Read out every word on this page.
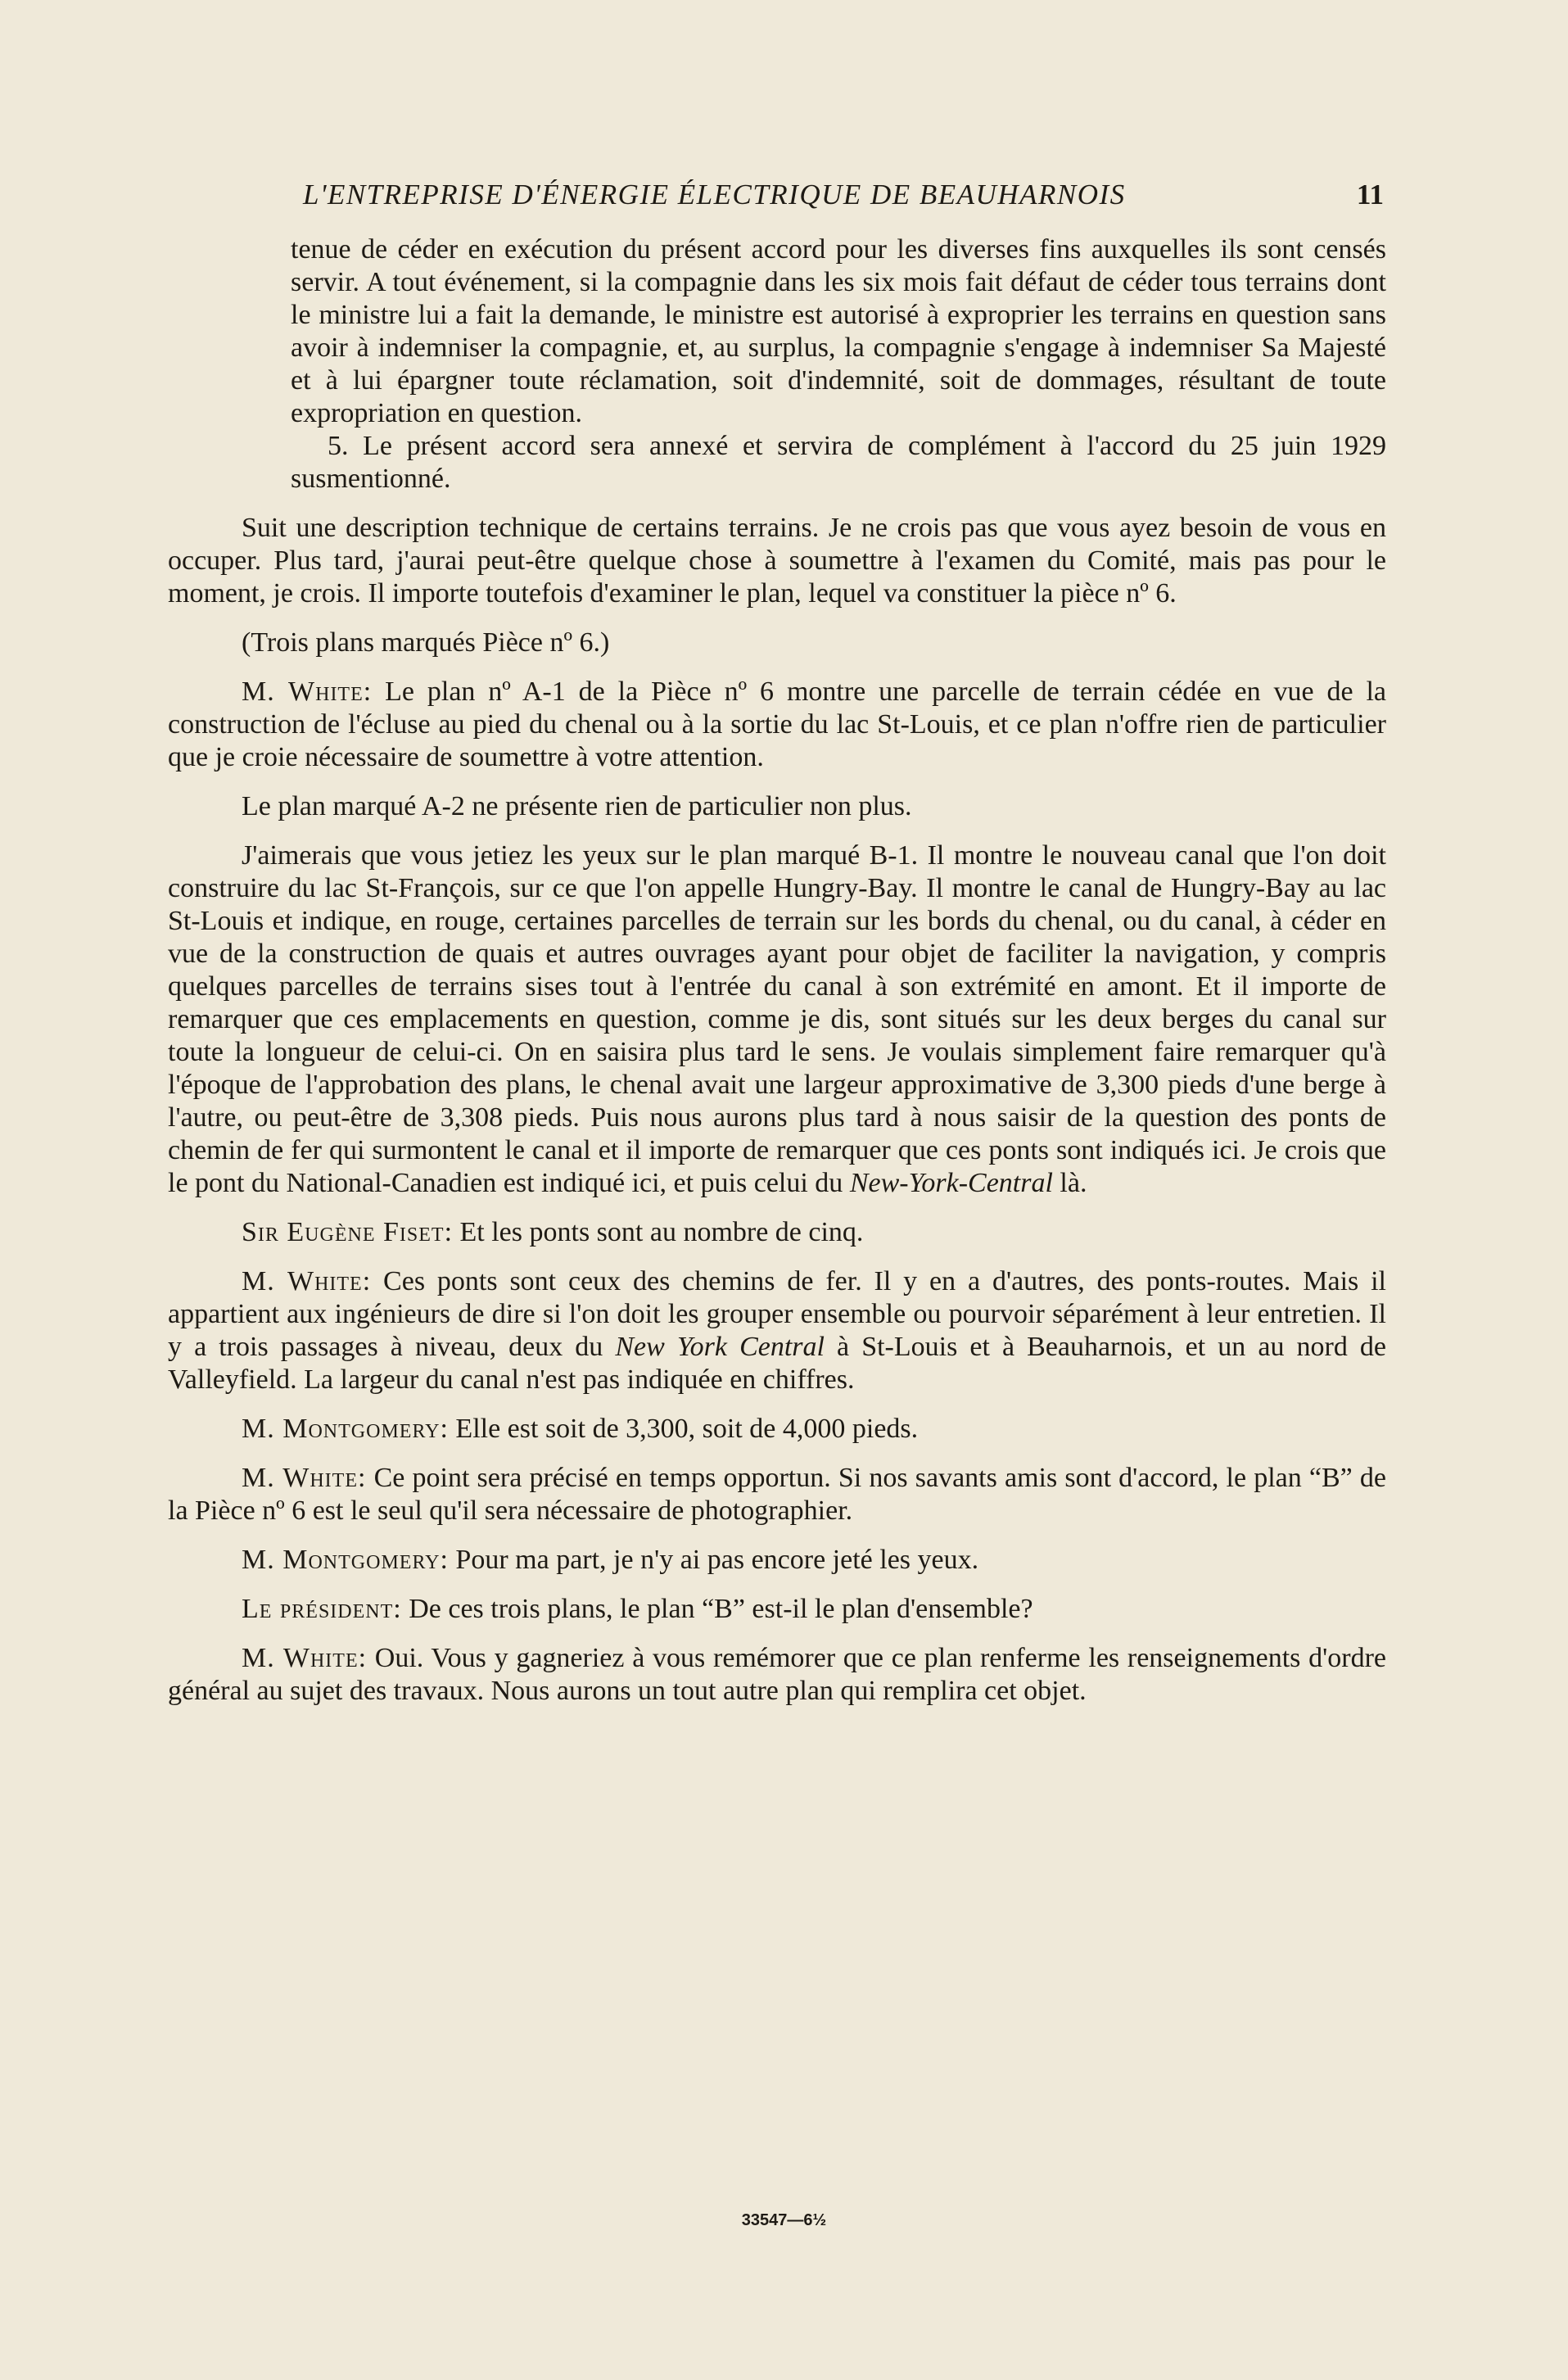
L'ENTREPRISE D'ÉNERGIE ÉLECTRIQUE DE BEAUHARNOIS	11

tenue de céder en exécution du présent accord pour les diverses fins auxquelles ils sont censés servir. A tout événement, si la compagnie dans les six mois fait défaut de céder tous terrains dont le ministre lui a fait la demande, le ministre est autorisé à exproprier les terrains en question sans avoir à indemniser la compagnie, et, au surplus, la compagnie s'engage à indemniser Sa Majesté et à lui épargner toute réclamation, soit d'indemnité, soit de dommages, résultant de toute expropriation en question.

5. Le présent accord sera annexé et servira de complément à l'accord du 25 juin 1929 susmentionné.

Suit une description technique de certains terrains. Je ne crois pas que vous ayez besoin de vous en occuper. Plus tard, j'aurai peut-être quelque chose à soumettre à l'examen du Comité, mais pas pour le moment, je crois. Il importe toutefois d'examiner le plan, lequel va constituer la pièce nº 6.

(Trois plans marqués Pièce nº 6.)

M. White: Le plan nº A-1 de la Pièce nº 6 montre une parcelle de terrain cédée en vue de la construction de l'écluse au pied du chenal ou à la sortie du lac St-Louis, et ce plan n'offre rien de particulier que je croie nécessaire de soumettre à votre attention.

Le plan marqué A-2 ne présente rien de particulier non plus.

J'aimerais que vous jetiez les yeux sur le plan marqué B-1. Il montre le nouveau canal que l'on doit construire du lac St-François, sur ce que l'on appelle Hungry-Bay. Il montre le canal de Hungry-Bay au lac St-Louis et indique, en rouge, certaines parcelles de terrain sur les bords du chenal, ou du canal, à céder en vue de la construction de quais et autres ouvrages ayant pour objet de faciliter la navigation, y compris quelques parcelles de terrains sises tout à l'entrée du canal à son extrémité en amont. Et il importe de remarquer que ces emplacements en question, comme je dis, sont situés sur les deux berges du canal sur toute la longueur de celui-ci. On en saisira plus tard le sens. Je voulais simplement faire remarquer qu'à l'époque de l'approbation des plans, le chenal avait une largeur approximative de 3,300 pieds d'une berge à l'autre, ou peut-être de 3,308 pieds. Puis nous aurons plus tard à nous saisir de la question des ponts de chemin de fer qui surmontent le canal et il importe de remarquer que ces ponts sont indiqués ici. Je crois que le pont du National-Canadien est indiqué ici, et puis celui du New-York-Central là.

Sir Eugène Fiset: Et les ponts sont au nombre de cinq.

M. White: Ces ponts sont ceux des chemins de fer. Il y en a d'autres, des ponts-routes. Mais il appartient aux ingénieurs de dire si l'on doit les grouper ensemble ou pourvoir séparément à leur entretien. Il y a trois passages à niveau, deux du New York Central à St-Louis et à Beauharnois, et un au nord de Valleyfield. La largeur du canal n'est pas indiquée en chiffres.

M. Montgomery: Elle est soit de 3,300, soit de 4,000 pieds.

M. White: Ce point sera précisé en temps opportun. Si nos savants amis sont d'accord, le plan “B” de la Pièce nº 6 est le seul qu'il sera nécessaire de photographier.

M. Montgomery: Pour ma part, je n'y ai pas encore jeté les yeux.

Le président: De ces trois plans, le plan “B” est-il le plan d'ensemble?

M. White: Oui. Vous y gagneriez à vous remémorer que ce plan renferme les renseignements d'ordre général au sujet des travaux. Nous aurons un tout autre plan qui remplira cet objet.

33547—6½
